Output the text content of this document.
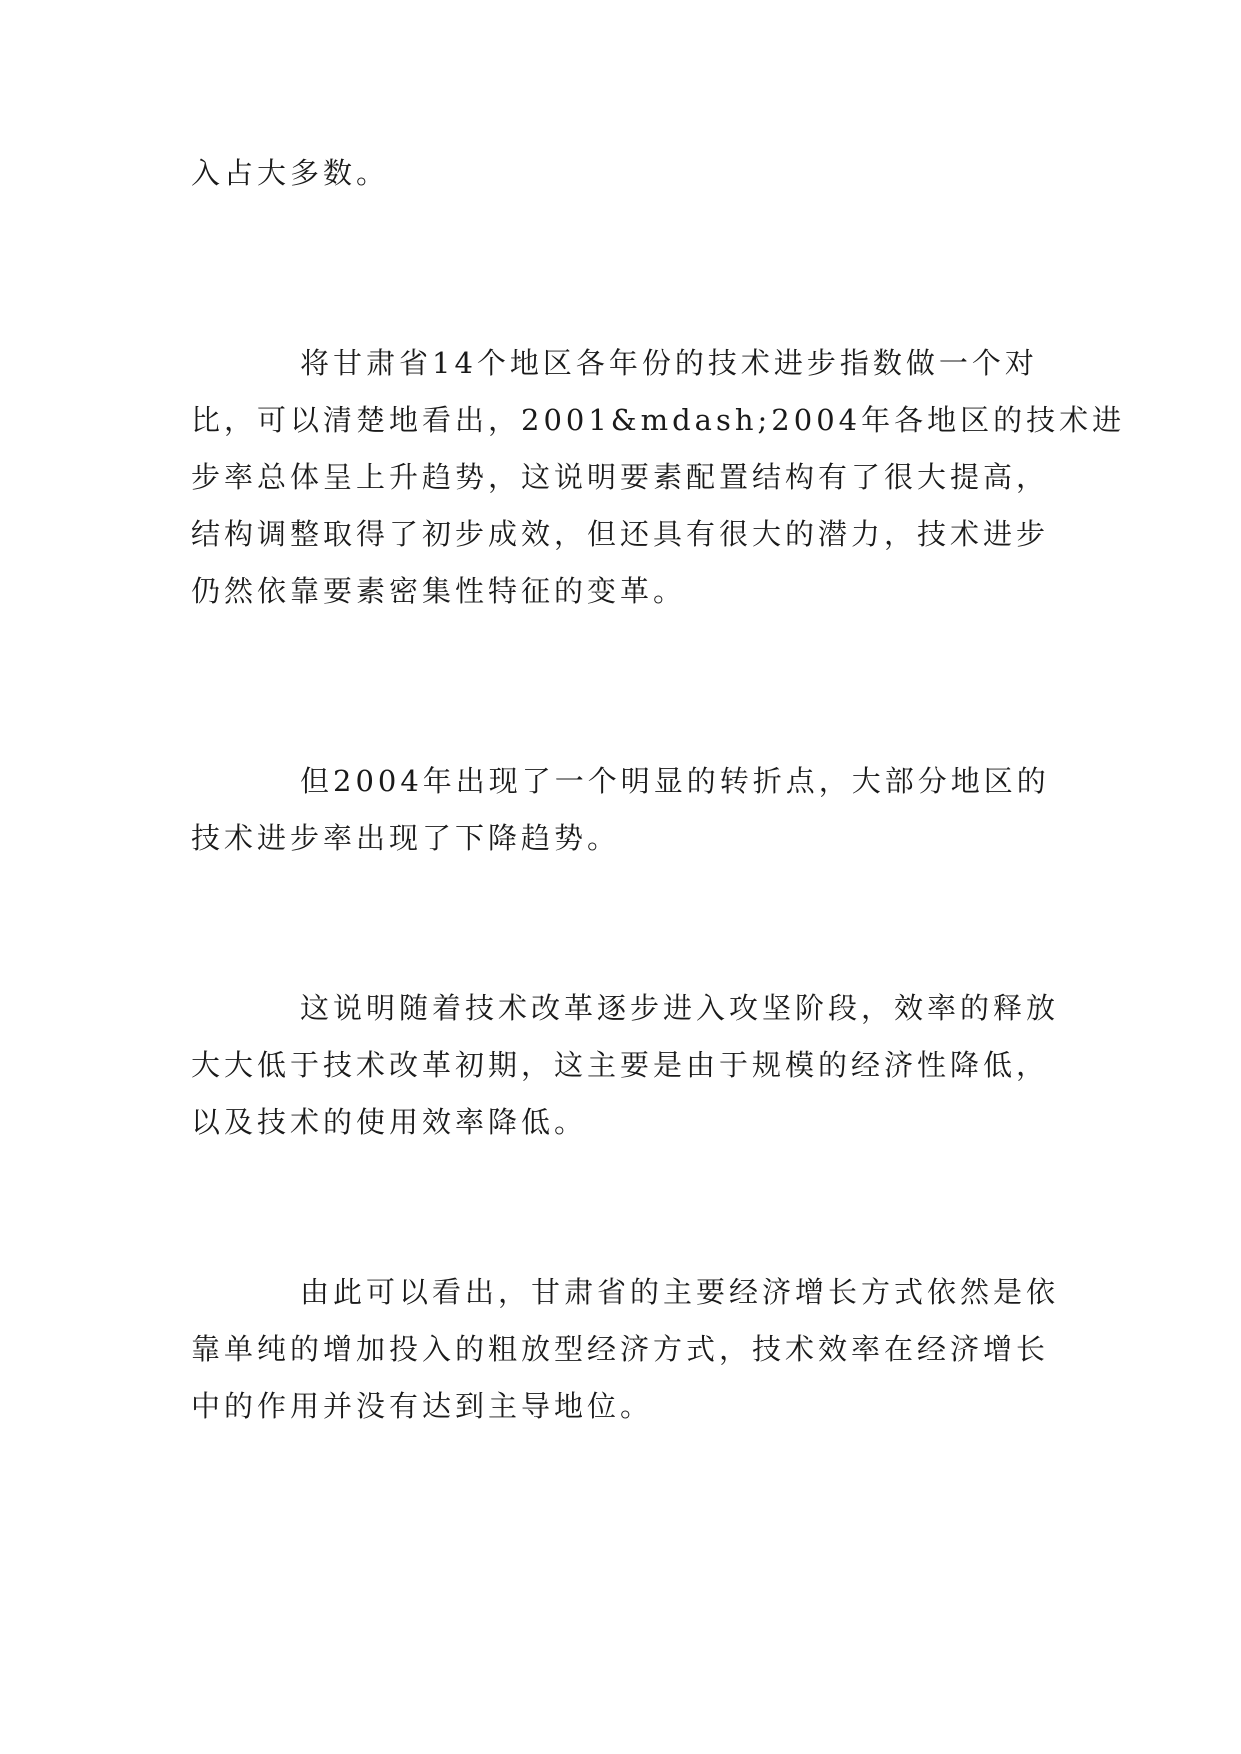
入占大多数。
将甘肃省14个地区各年份的技术进步指数做一个对
比，可以清楚地看出，2001&mdash;2004年各地区的技术进
步率总体呈上升趋势，这说明要素配置结构有了很大提高，
结构调整取得了初步成效，但还具有很大的潜力，技术进步
仍然依靠要素密集性特征的变革。
但2004年出现了一个明显的转折点，大部分地区的
技术进步率出现了下降趋势。
这说明随着技术改革逐步进入攻坚阶段，效率的释放
大大低于技术改革初期，这主要是由于规模的经济性降低，
以及技术的使用效率降低。
由此可以看出，甘肃省的主要经济增长方式依然是依
靠单纯的增加投入的粗放型经济方式，技术效率在经济增长
中的作用并没有达到主导地位。
